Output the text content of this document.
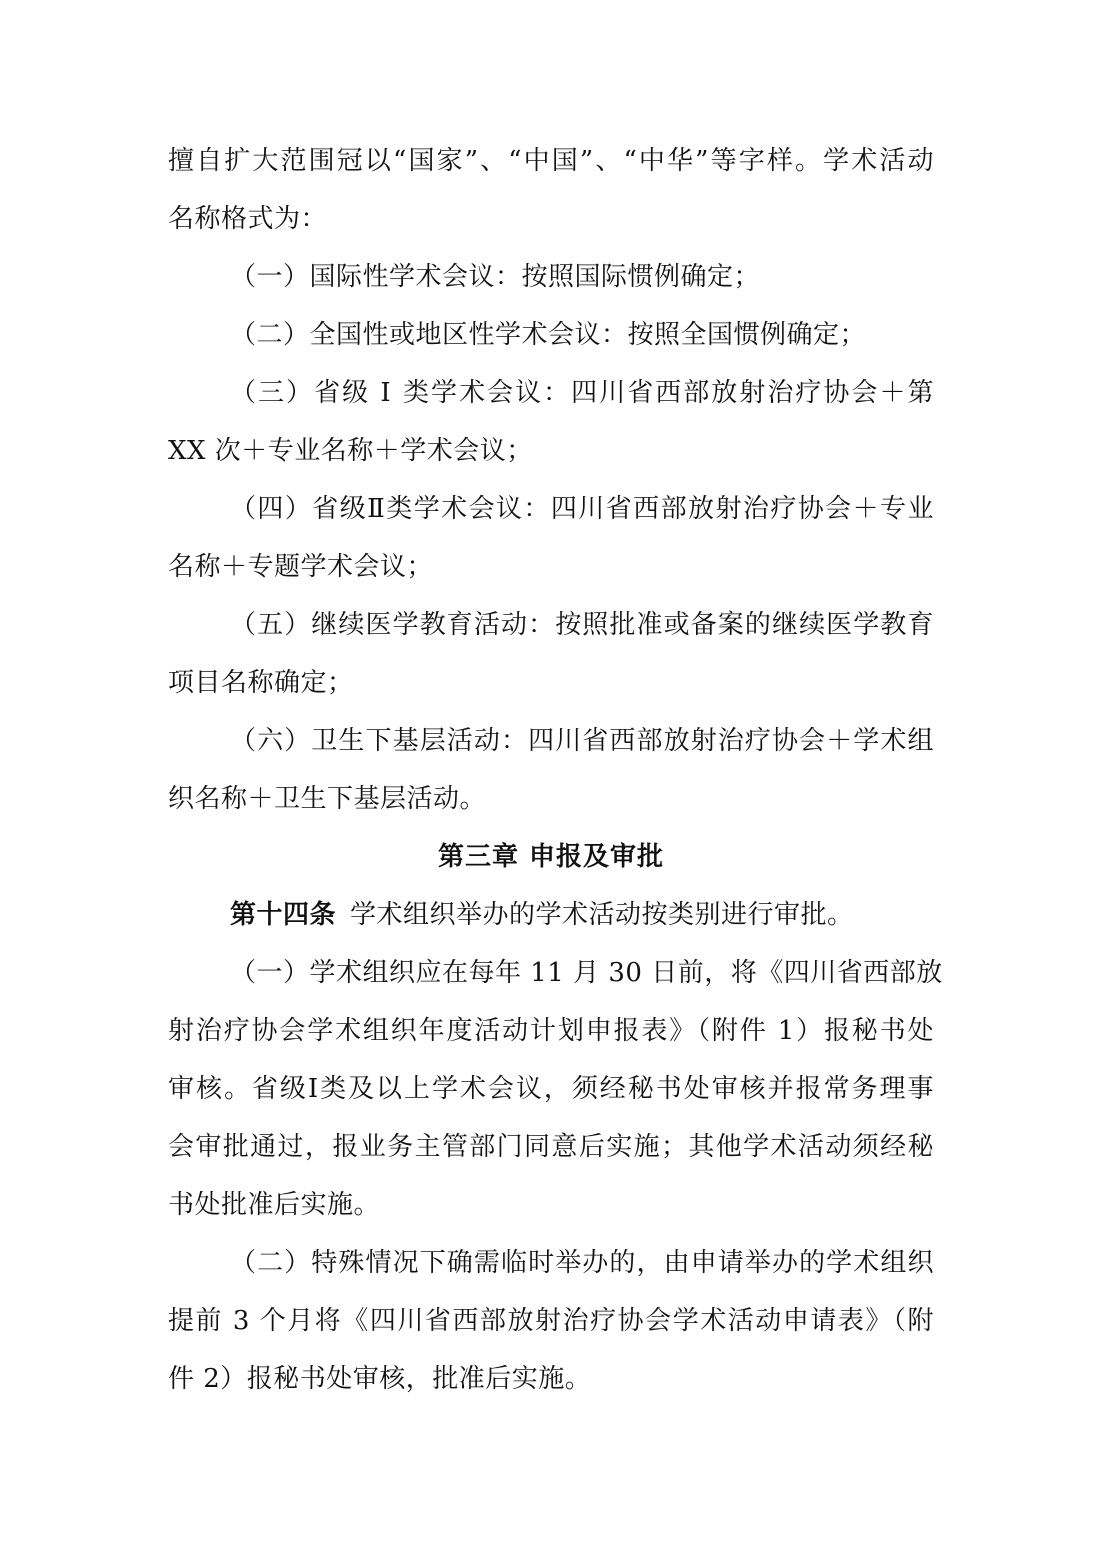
擅自扩大范围冠以“国家”、“中国”、“中华”等字样。学术活动
名称格式为：
（一）国际性学术会议：按照国际惯例确定；
（二）全国性或地区性学术会议：按照全国惯例确定；
（三）省级 Ⅰ 类学术会议：四川省西部放射治疗协会＋第
XX 次＋专业名称＋学术会议；
（四）省级Ⅱ类学术会议：四川省西部放射治疗协会＋专业
名称＋专题学术会议；
（五）继续医学教育活动：按照批准或备案的继续医学教育
项目名称确定；
（六）卫生下基层活动：四川省西部放射治疗协会＋学术组
织名称＋卫生下基层活动。
第三章 申报及审批
第十四条 学术组织举办的学术活动按类别进行审批。
（一）学术组织应在每年 11 月 30 日前，将《四川省西部放
射治疗协会学术组织年度活动计划申报表》（附件 1）报秘书处
审核。省级Ⅰ类及以上学术会议，须经秘书处审核并报常务理事
会审批通过，报业务主管部门同意后实施；其他学术活动须经秘
书处批准后实施。
（二）特殊情况下确需临时举办的，由申请举办的学术组织
提前 3 个月将《四川省西部放射治疗协会学术活动申请表》（附
件 2）报秘书处审核，批准后实施。
